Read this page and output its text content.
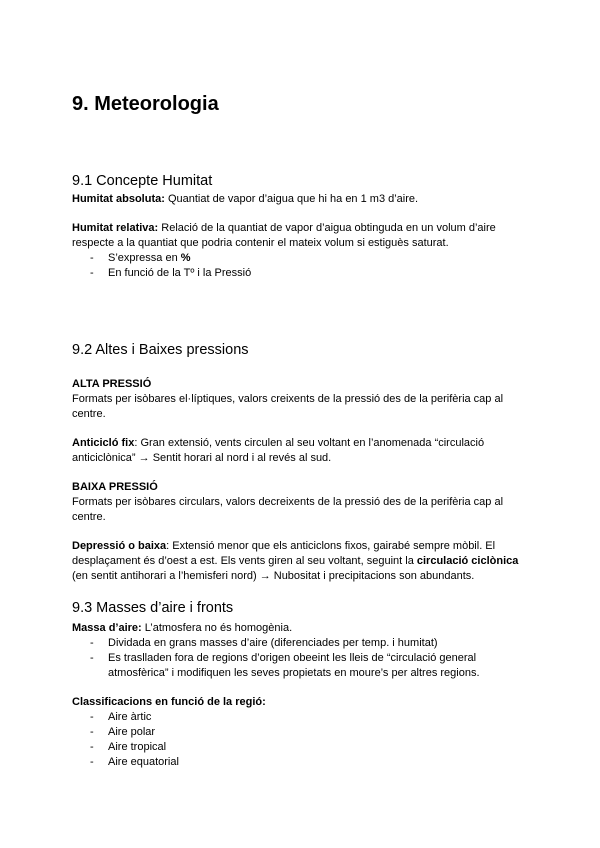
9. Meteorologia
9.1 Concepte Humitat

Humitat absoluta: Quantiat de vapor d’aigua que hi ha en 1 m3 d’aire.

Humitat relativa: Relació de la quantiat de vapor d’aigua obtinguda en un volum d’aire respecte a la quantiat que podria contenir el mateix volum si estiguès saturat.

- S’expressa en %
- En funció de la Tº i la Pressió
9.2 Altes i Baixes pressions

ALTA PRESSIÓ

Formats per isòbares el·líptiques, valors creixents de la pressió des de la perifèria cap al centre.

Anticicló fix: Gran extensió, vents circulen al seu voltant en l’anomenada “circulació anticiclònica” → Sentit horari al nord i al revés al sud.

BAIXA PRESSIÓ

Formats per isòbares circulars, valors decreixents de la pressió des de la perifèria cap al centre.

Depressió o baixa: Extensió menor que els anticiclons fixos, gairabé sempre mòbil. El desplaçament és d’oest a est. Els vents giren al seu voltant, seguint la circulació ciclònica (en sentit antihorari a l’hemisferi nord) → Nubositat i precipitacions son abundants.

9.3 Masses d’aire i fronts

Massa d’aire: L’atmosfera no és homogènia.

- Dividada en grans masses d’aire (diferenciades per temp. i humitat)
- Es traslladen fora de regions d’origen obeeint les lleis de “circulació general atmosfèrica” i modifiquen les seves propietats en moure’s per altres regions.

Classificacions en funció de la regió:

- Aire àrtic
- Aire polar
- Aire tropical
- Aire equatorial
